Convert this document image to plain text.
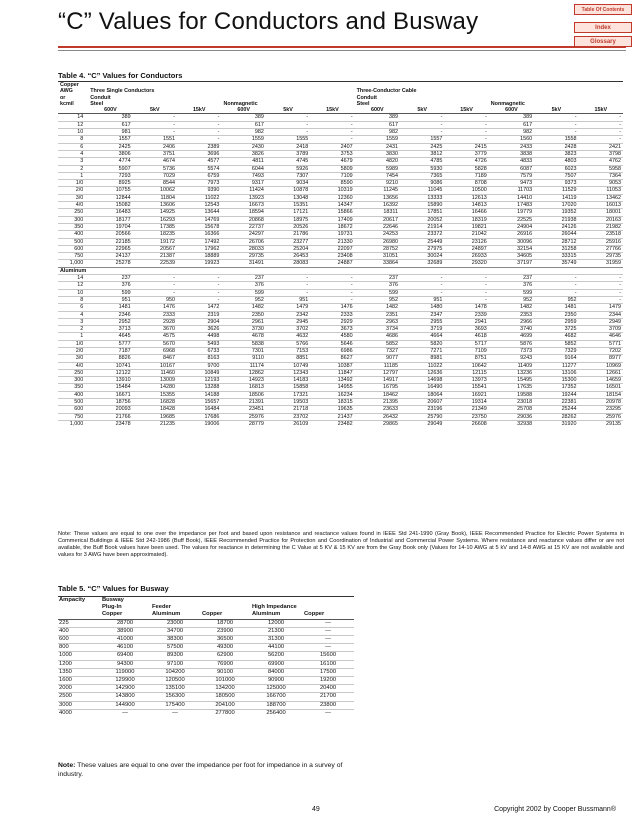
Table Of Contents
Index
Glossary
“C” Values for Conductors and Busway
Table 4. “C” Values for Conductors
Copper												
AWG	Three Single Conductors						Three-Conductor Cable					
or	Conduit						Conduit					
kcmil	Steel			Nonmagnetic			Steel			Nonmagnetic		
	600V	5kV	15kV	600V	5kV	15kV	600V	5kV	15kV	600V	5kV	15kV
14	389	-	-	389	-	-	389	-	-	389	-	-
12	617	-	-	617	-	-	617	-	-	617	-	-
10	981	-	-	982	-	-	982	-	-	982	-	-
8	1557	1551	-	1559	1555	-	1559	1557	-	1560	1558	-
6	2425	2406	2389	2430	2418	2407	2431	2425	2415	2433	2428	2421
4	3806	3751	3696	3826	3789	3753	3830	3812	3779	3838	3823	3798
3	4774	4674	4577	4811	4745	4679	4820	4785	4726	4833	4803	4762
2	5907	5736	5574	6044	5926	5809	5989	5930	5828	6087	6023	5958
1	7293	7029	6759	7493	7307	7109	7454	7365	7189	7579	7507	7364
1/0	8925	8544	7973	9317	9034	8590	9210	9086	8708	9473	9373	9053
2/0	10755	10062	9390	11424	10878	10319	11245	11045	10500	11703	11529	11053
3/0	12844	11804	11022	13923	13048	12360	13656	13333	12613	14410	14119	13462
4/0	15082	13606	12543	16673	15351	14347	16392	15890	14813	17483	17020	16013
250	16483	14925	13644	18594	17121	15866	18311	17851	16466	19779	19352	18001
300	18177	16293	14769	20868	18975	17409	20617	20052	18319	22525	21938	20163
350	19704	17385	15678	22737	20526	18672	22646	21914	19821	24904	24126	21982
400	20566	18235	16366	24297	21786	19731	24253	23372	21042	26916	26044	23518
500	22185	19172	17492	26706	23277	21330	26980	25449	23126	30096	28712	25916
600	22965	20567	17962	28033	25204	22097	28752	27975	24897	32154	31258	27766
750	24137	21387	18889	29735	26453	23408	31051	30024	26933	34605	33315	29735
1,000	25278	22539	19923	31491	28083	24887	33864	32689	29320	37197	35749	31959
Aluminum												
14	237	-	-	237	-	-	237	-	-	237	-	-
12	376	-	-	376	-	-	376	-	-	376	-	-
10	599	-	-	599	-	-	599	-	-	599	-	-
8	951	950	-	952	951	-	952	951	-	952	952	-
6	1481	1476	1472	1482	1479	1476	1482	1480	1478	1482	1481	1479
4	2346	2333	2319	2350	2342	2333	2351	2347	2339	2353	2350	2344
3	2952	2928	2904	2961	2945	2929	2963	2955	2941	2966	2959	2949
2	3713	3670	3626	3730	3702	3673	3734	3719	3693	3740	3725	3709
1	4645	4575	4498	4678	4632	4580	4686	4664	4618	4699	4682	4646
1/0	5777	5670	5493	5838	5766	5646	5852	5820	5717	5876	5852	5771
2/0	7187	6968	6733	7301	7153	6986	7327	7271	7109	7373	7329	7202
3/0	8826	8467	8163	9110	8851	8627	9077	8981	8751	9243	9164	8977
4/0	10741	10167	9700	11174	10749	10387	11185	11022	10642	11409	11277	10969
250	12122	11460	10849	12862	12343	11847	12797	12636	12115	13236	13106	12661
300	13910	13009	12193	14923	14183	13492	14917	14698	13973	15495	15300	14659
350	15484	14280	13288	16813	15858	14955	16795	16490	15541	17635	17352	16501
400	16671	15355	14188	18506	17321	16234	18462	18064	16921	19588	19244	18154
500	18756	16828	15657	21391	19503	18315	21395	20607	19314	23018	22381	20978
600	20093	18428	16484	23451	21718	19635	23633	23196	21349	25708	25244	23295
750	21766	19685	17686	25976	23702	21437	26432	25790	23750	29036	28262	25976
1,000	23478	21235	19006	28779	26109	23482	29865	29049	26608	32938	31920	29135
Note: These values are equal to one over the impedance per foot and based upon resistance and reactance values found in IEEE Std 241-1990 (Gray Book), IEEE Recommended Practice for Electric Power Systems in Commerical Buildings & IEEE Std 242-1986 (Buff Book), IEEE Recommended Practice for Protection and Coordination of Industrial and Commercial Power Systems. Where resistance and reactance values differ or are not available, the Buff Book values have been used. The values for reactance in determining the C Value at 5 KV & 15 KV are from the Gray Book only (Values for 14-10 AWG at 5 kV and 14-8 AWG at 15 KV are not available and values for 3 AWG have been approximated).
Table 5. “C” Values for Busway
Ampacity	Busway				
	Plug-In	Feeder		High Impedance	
	Copper	Aluminum	Copper	Aluminum	Copper
225	28700	23000	18700	12000	—
400	38900	34700	23900	21300	—
600	41000	38300	36500	31300	—
800	46100	57500	49300	44100	—
1000	69400	89300	62900	56200	15600
1200	94300	97100	76900	69900	16100
1350	119000	104200	90100	84000	17500
1600	129900	120500	101000	90900	19200
2000	142900	135100	134200	125000	20400
2500	143800	156300	180500	166700	21700
3000	144900	175400	204100	188700	23800
4000	—	—	277800	256400	—
Note: These values are equal to one over the impedance per foot for impedance in a survey of industry.
49	Copyright 2002 by Cooper Bussmann®
